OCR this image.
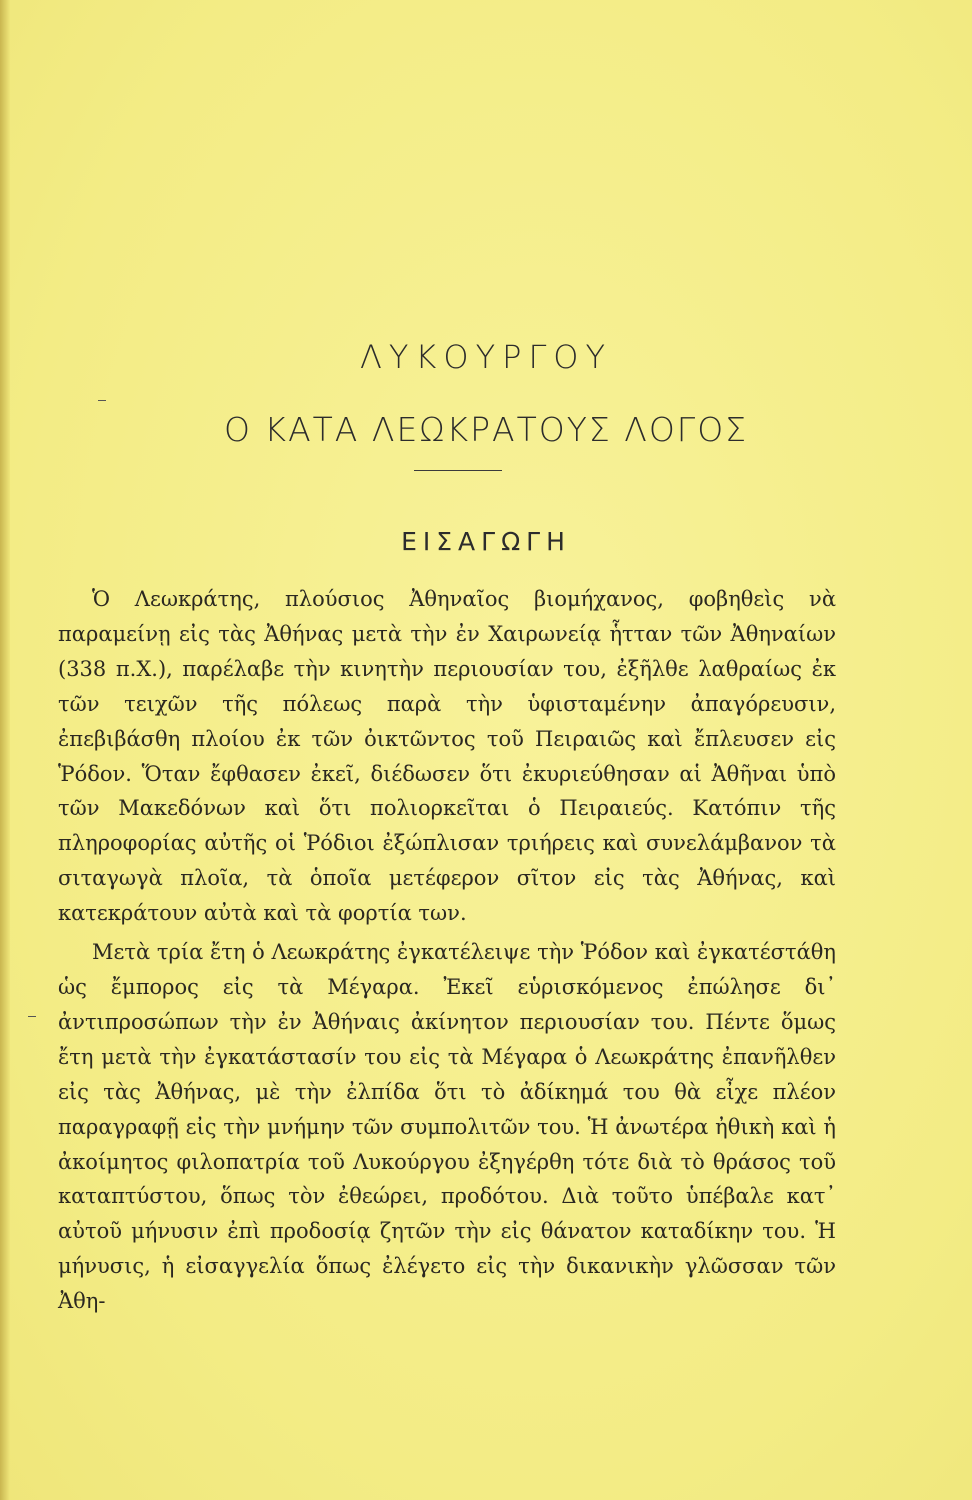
ΛΥΚΟΥΡΓΟΥ
Ο ΚΑΤΑ ΛΕΩΚΡΑΤΟΥΣ ΛΟΓΟΣ
ΕΙΣΑΓΩΓΗ

Ὁ Λεωκράτης, πλούσιος Ἀθηναῖος βιομήχανος, φοβηθεὶς νὰ παραμείνῃ εἰς τὰς Ἀθήνας μετὰ τὴν ἐν Χαιρωνείᾳ ἧτταν τῶν Ἀθηναίων (338 π.Χ.), παρέλαβε τὴν κινητὴν περιουσίαν του, ἐξῆλθε λαθραίως ἐκ τῶν τειχῶν τῆς πόλεως παρὰ τὴν ὑφισταμένην ἀπαγόρευσιν, ἐπεβιβάσθη πλοίου ἐκ τῶν ὀικτῶντος τοῦ Πειραιῶς καὶ ἔπλευσεν εἰς Ῥόδον. Ὅταν ἔφθασεν ἐκεῖ, διέδωσεν ὅτι ἐκυριεύθησαν αἱ Ἀθῆναι ὑπὸ τῶν Μακεδόνων καὶ ὅτι πολιορκεῖται ὁ Πειραιεύς. Κατόπιν τῆς πληροφορίας αὐτῆς οἱ Ῥόδιοι ἐξώπλισαν τριήρεις καὶ συνελάμβανον τὰ σιταγωγὰ πλοῖα, τὰ ὁποῖα μετέφερον σῖτον εἰς τὰς Ἀθήνας, καὶ κατεκράτουν αὐτὰ καὶ τὰ φορτία των.

Μετὰ τρία ἔτη ὁ Λεωκράτης ἐγκατέλειψε τὴν Ῥόδον καὶ ἐγκατέστάθη ὡς ἔμπορος εἰς τὰ Μέγαρα. Ἐκεῖ εὑρισκόμενος ἐπώλησε δι᾽ ἀντιπροσώπων τὴν ἐν Ἀθήναις ἀκίνητον περιουσίαν του. Πέντε ὅμως ἔτη μετὰ τὴν ἐγκατάστασίν του εἰς τὰ Μέγαρα ὁ Λεωκράτης ἐπανῆλθεν εἰς τὰς Ἀθήνας, μὲ τὴν ἐλπίδα ὅτι τὸ ἀδίκημά του θὰ εἶχε πλέον παραγραφῇ εἰς τὴν μνήμην τῶν συμπολιτῶν του. Ἡ ἀνωτέρα ἠθικὴ καὶ ἡ ἀκοίμητος φιλοπατρία τοῦ Λυκούργου ἐξηγέρθη τότε διὰ τὸ θράσος τοῦ καταπτύστου, ὅπως τὸν ἐθεώρει, προδότου. Διὰ τοῦτο ὑπέβαλε κατ᾽ αὐτοῦ μήνυσιν ἐπὶ προδοσίᾳ ζητῶν τὴν εἰς θάνατον καταδίκην του. Ἡ μήνυσις, ἡ εἰσαγγελία ὅπως ἐλέγετο εἰς τὴν δικανικὴν γλῶσσαν τῶν Ἀθη-
